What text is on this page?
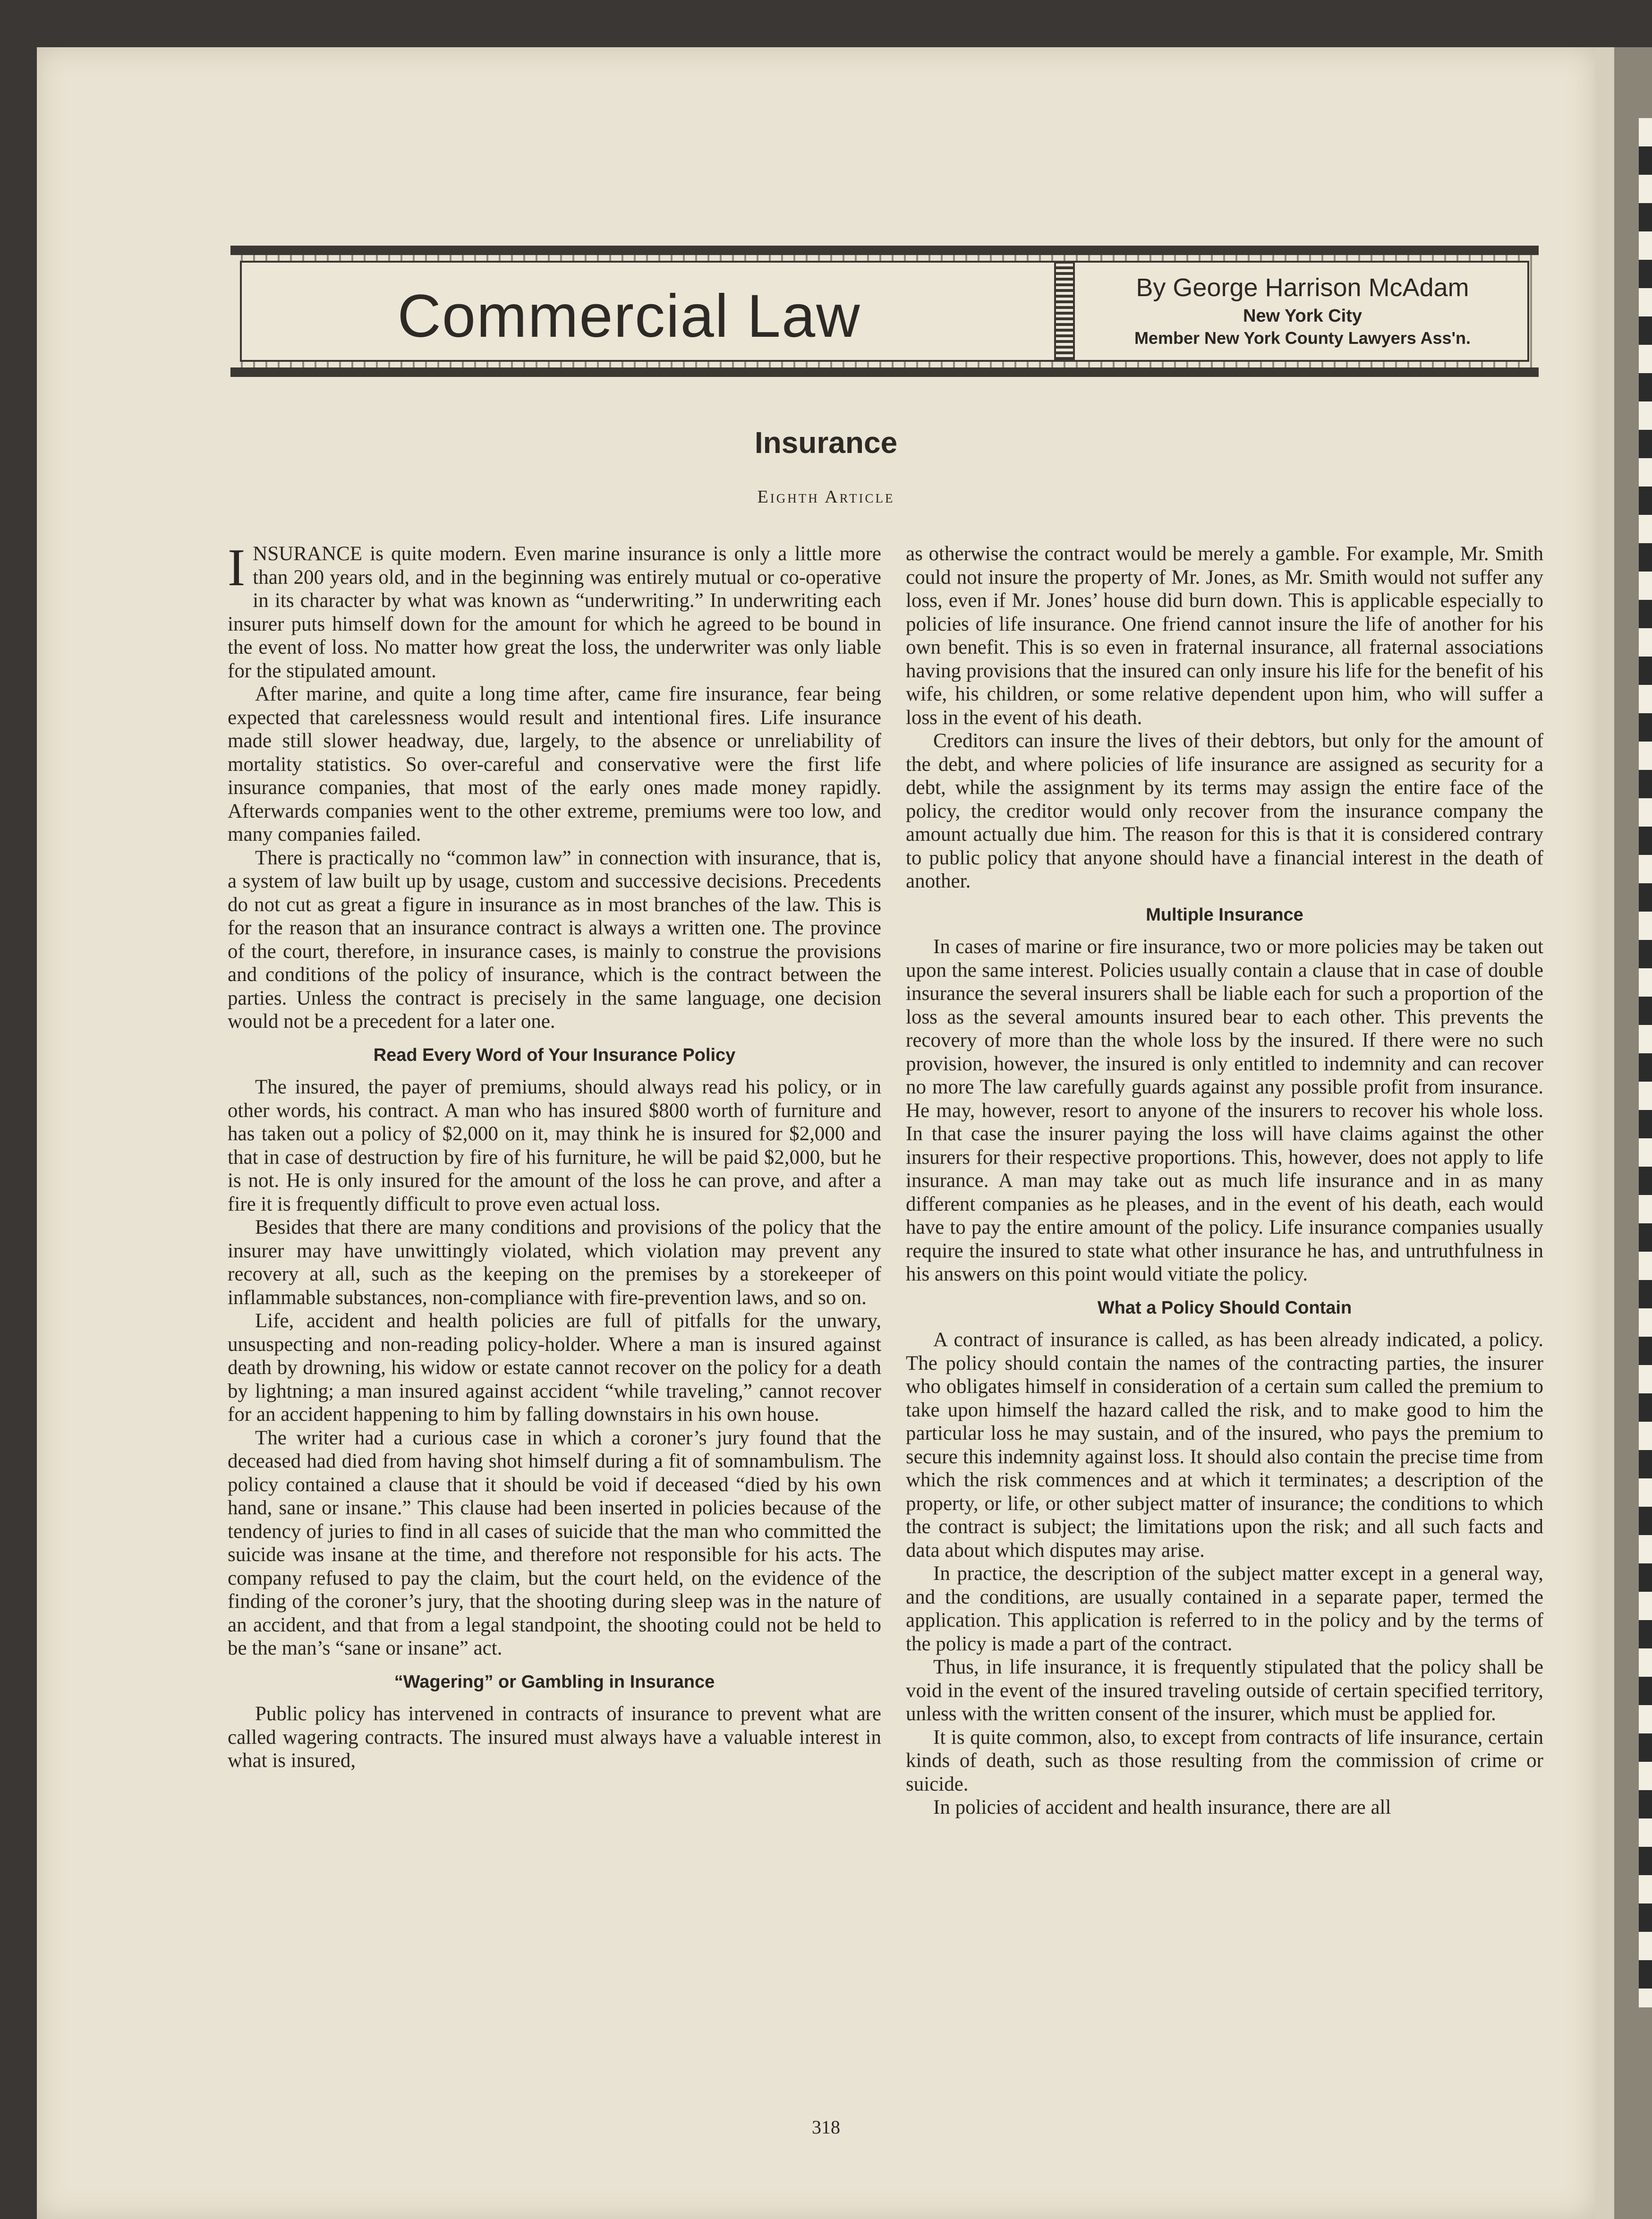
Commercial Law	By George Harrison McAdam
New York City
Member New York County Lawyers Ass'n.
Insurance
Eighth Article

INSURANCE is quite modern. Even marine insurance is only a little more than 200 years old, and in the beginning was entirely mutual or co-operative in its character by what was known as “underwriting.” In underwriting each insurer puts himself down for the amount for which he agreed to be bound in the event of loss. No matter how great the loss, the underwriter was only liable for the stipulated amount.

After marine, and quite a long time after, came fire insurance, fear being expected that carelessness would result and intentional fires. Life insurance made still slower headway, due, largely, to the absence or unreliability of mortality statistics. So over-careful and conservative were the first life insurance companies, that most of the early ones made money rapidly. Afterwards companies went to the other extreme, premiums were too low, and many companies failed.

There is practically no “common law” in connection with insurance, that is, a system of law built up by usage, custom and successive decisions. Precedents do not cut as great a figure in insurance as in most branches of the law. This is for the reason that an insurance contract is always a written one. The province of the court, therefore, in insurance cases, is mainly to construe the provisions and conditions of the policy of insurance, which is the contract between the parties. Unless the contract is precisely in the same language, one decision would not be a precedent for a later one.

Read Every Word of Your Insurance Policy

The insured, the payer of premiums, should always read his policy, or in other words, his contract. A man who has insured $800 worth of furniture and has taken out a policy of $2,000 on it, may think he is insured for $2,000 and that in case of destruction by fire of his furniture, he will be paid $2,000, but he is not. He is only insured for the amount of the loss he can prove, and after a fire it is frequently difficult to prove even actual loss.

Besides that there are many conditions and provisions of the policy that the insurer may have unwittingly violated, which violation may prevent any recovery at all, such as the keeping on the premises by a storekeeper of inflammable substances, non-compliance with fire-prevention laws, and so on.

Life, accident and health policies are full of pitfalls for the unwary, unsuspecting and non-reading policy-holder. Where a man is insured against death by drowning, his widow or estate cannot recover on the policy for a death by lightning; a man insured against accident “while traveling,” cannot recover for an accident happening to him by falling downstairs in his own house.

The writer had a curious case in which a coroner’s jury found that the deceased had died from having shot himself during a fit of somnambulism. The policy contained a clause that it should be void if deceased “died by his own hand, sane or insane.” This clause had been inserted in policies because of the tendency of juries to find in all cases of suicide that the man who committed the suicide was insane at the time, and therefore not responsible for his acts. The company refused to pay the claim, but the court held, on the evidence of the finding of the coroner’s jury, that the shooting during sleep was in the nature of an accident, and that from a legal standpoint, the shooting could not be held to be the man’s “sane or insane” act.

“Wagering” or Gambling in Insurance

Public policy has intervened in contracts of insurance to prevent what are called wagering contracts. The insured must always have a valuable interest in what is insured,

as otherwise the contract would be merely a gamble. For example, Mr. Smith could not insure the property of Mr. Jones, as Mr. Smith would not suffer any loss, even if Mr. Jones’ house did burn down. This is applicable especially to policies of life insurance. One friend cannot insure the life of another for his own benefit. This is so even in fraternal insurance, all fraternal associations having provisions that the insured can only insure his life for the benefit of his wife, his children, or some relative dependent upon him, who will suffer a loss in the event of his death.

Creditors can insure the lives of their debtors, but only for the amount of the debt, and where policies of life insurance are assigned as security for a debt, while the assignment by its terms may assign the entire face of the policy, the creditor would only recover from the insurance company the amount actually due him. The reason for this is that it is considered contrary to public policy that anyone should have a financial interest in the death of another.

Multiple Insurance

In cases of marine or fire insurance, two or more policies may be taken out upon the same interest. Policies usually contain a clause that in case of double insurance the several insurers shall be liable each for such a proportion of the loss as the several amounts insured bear to each other. This prevents the recovery of more than the whole loss by the insured. If there were no such provision, however, the insured is only entitled to indemnity and can recover no more The law carefully guards against any possible profit from insurance. He may, however, resort to anyone of the insurers to recover his whole loss. In that case the insurer paying the loss will have claims against the other insurers for their respective proportions. This, however, does not apply to life insurance. A man may take out as much life insurance and in as many different companies as he pleases, and in the event of his death, each would have to pay the entire amount of the policy. Life insurance companies usually require the insured to state what other insurance he has, and untruthfulness in his answers on this point would vitiate the policy.

What a Policy Should Contain

A contract of insurance is called, as has been already indicated, a policy. The policy should contain the names of the contracting parties, the insurer who obligates himself in consideration of a certain sum called the premium to take upon himself the hazard called the risk, and to make good to him the particular loss he may sustain, and of the insured, who pays the premium to secure this indemnity against loss. It should also contain the precise time from which the risk commences and at which it terminates; a description of the property, or life, or other subject matter of insurance; the conditions to which the contract is subject; the limitations upon the risk; and all such facts and data about which disputes may arise.

In practice, the description of the subject matter except in a general way, and the conditions, are usually contained in a separate paper, termed the application. This application is referred to in the policy and by the terms of the policy is made a part of the contract.

Thus, in life insurance, it is frequently stipulated that the policy shall be void in the event of the insured traveling outside of certain specified territory, unless with the written consent of the insurer, which must be applied for.

It is quite common, also, to except from contracts of life insurance, certain kinds of death, such as those resulting from the commission of crime or suicide.

In policies of accident and health insurance, there are all

318
